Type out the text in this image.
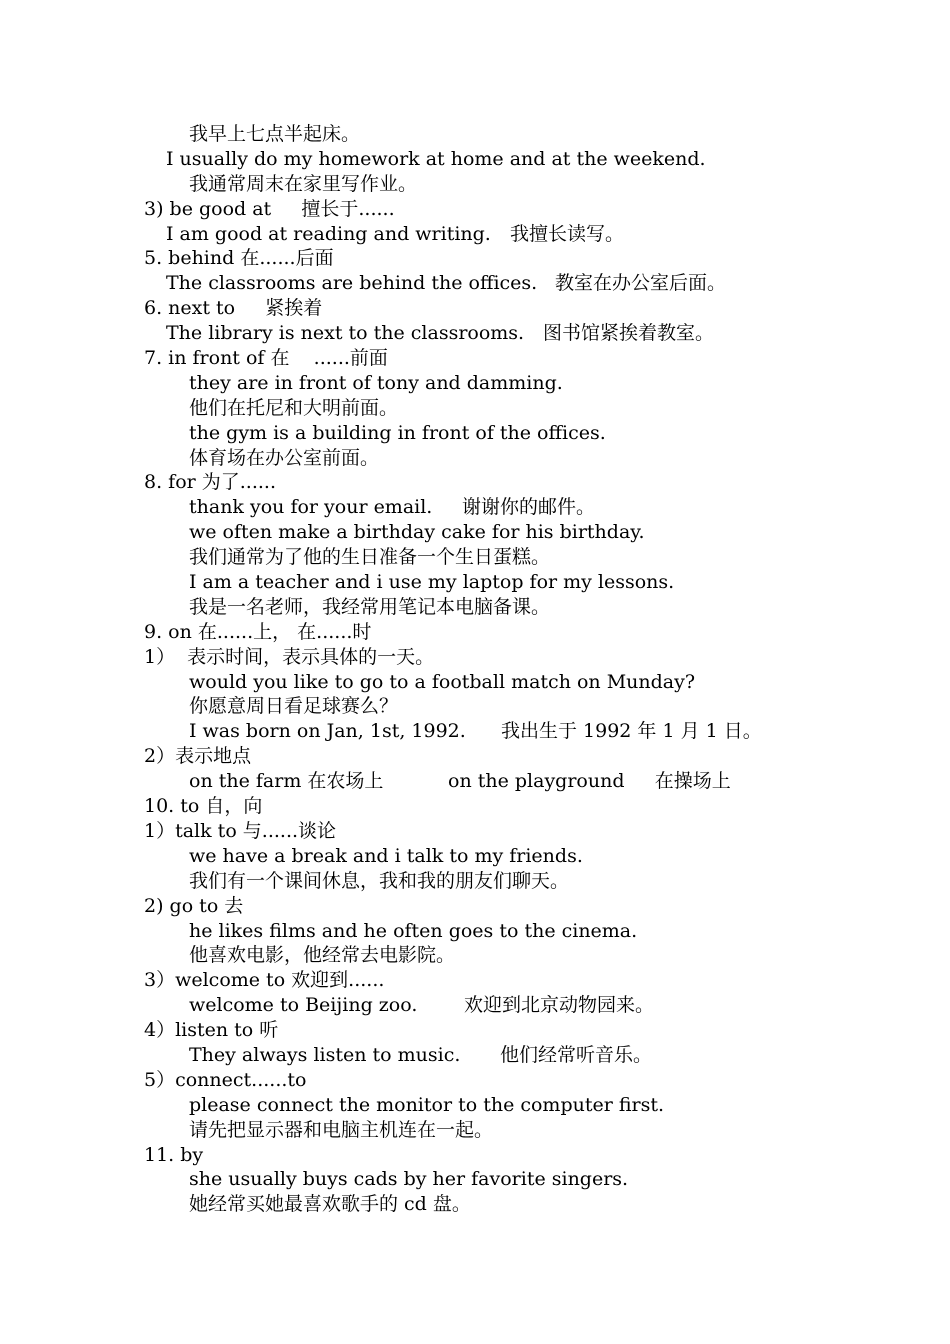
我早上七点半起床。
I usually do my homework at home and at the weekend.
我通常周末在家里写作业。
3) be good at     擅长于......
I am good at reading and writing. 我擅长读写。
5. behind 在......后面
The classrooms are behind the offices. 教室在办公室后面。
6. next to     紧挨着
The library is next to the classrooms. 图书馆紧挨着教室。
7. in front of 在    ......前面
they are in front of tony and damming.
他们在托尼和大明前面。
the gym is a building in front of the offices.
体育场在办公室前面。
8. for 为了......
thank you for your email. 谢谢你的邮件。
we often make a birthday cake for his birthday.
我们通常为了他的生日准备一个生日蛋糕。
I am a teacher and i use my laptop for my lessons.
我是一名老师，我经常用笔记本电脑备课。
9. on 在......上， 在......时
1）  表示时间，表示具体的一天。
would you like to go to a football match on Munday?
你愿意周日看足球赛么？
I was born on Jan, 1st, 1992. 我出生于 1992 年 1 月 1 日。
2）表示地点
on the farm 在农场上	on the playground     在操场上
10. to 自，向
1）talk to 与......谈论
we have a break and i talk to my friends.
我们有一个课间休息，我和我的朋友们聊天。
2) go to 去
he likes films and he often goes to the cinema.
他喜欢电影，他经常去电影院。
3）welcome to 欢迎到......
welcome to Beijing zoo. 欢迎到北京动物园来。
4）listen to 听
They always listen to music. 他们经常听音乐。
5）connect......to
please connect the monitor to the computer first.
请先把显示器和电脑主机连在一起。
11. by
she usually buys cads by her favorite singers.
她经常买她最喜欢歌手的 cd 盘。
